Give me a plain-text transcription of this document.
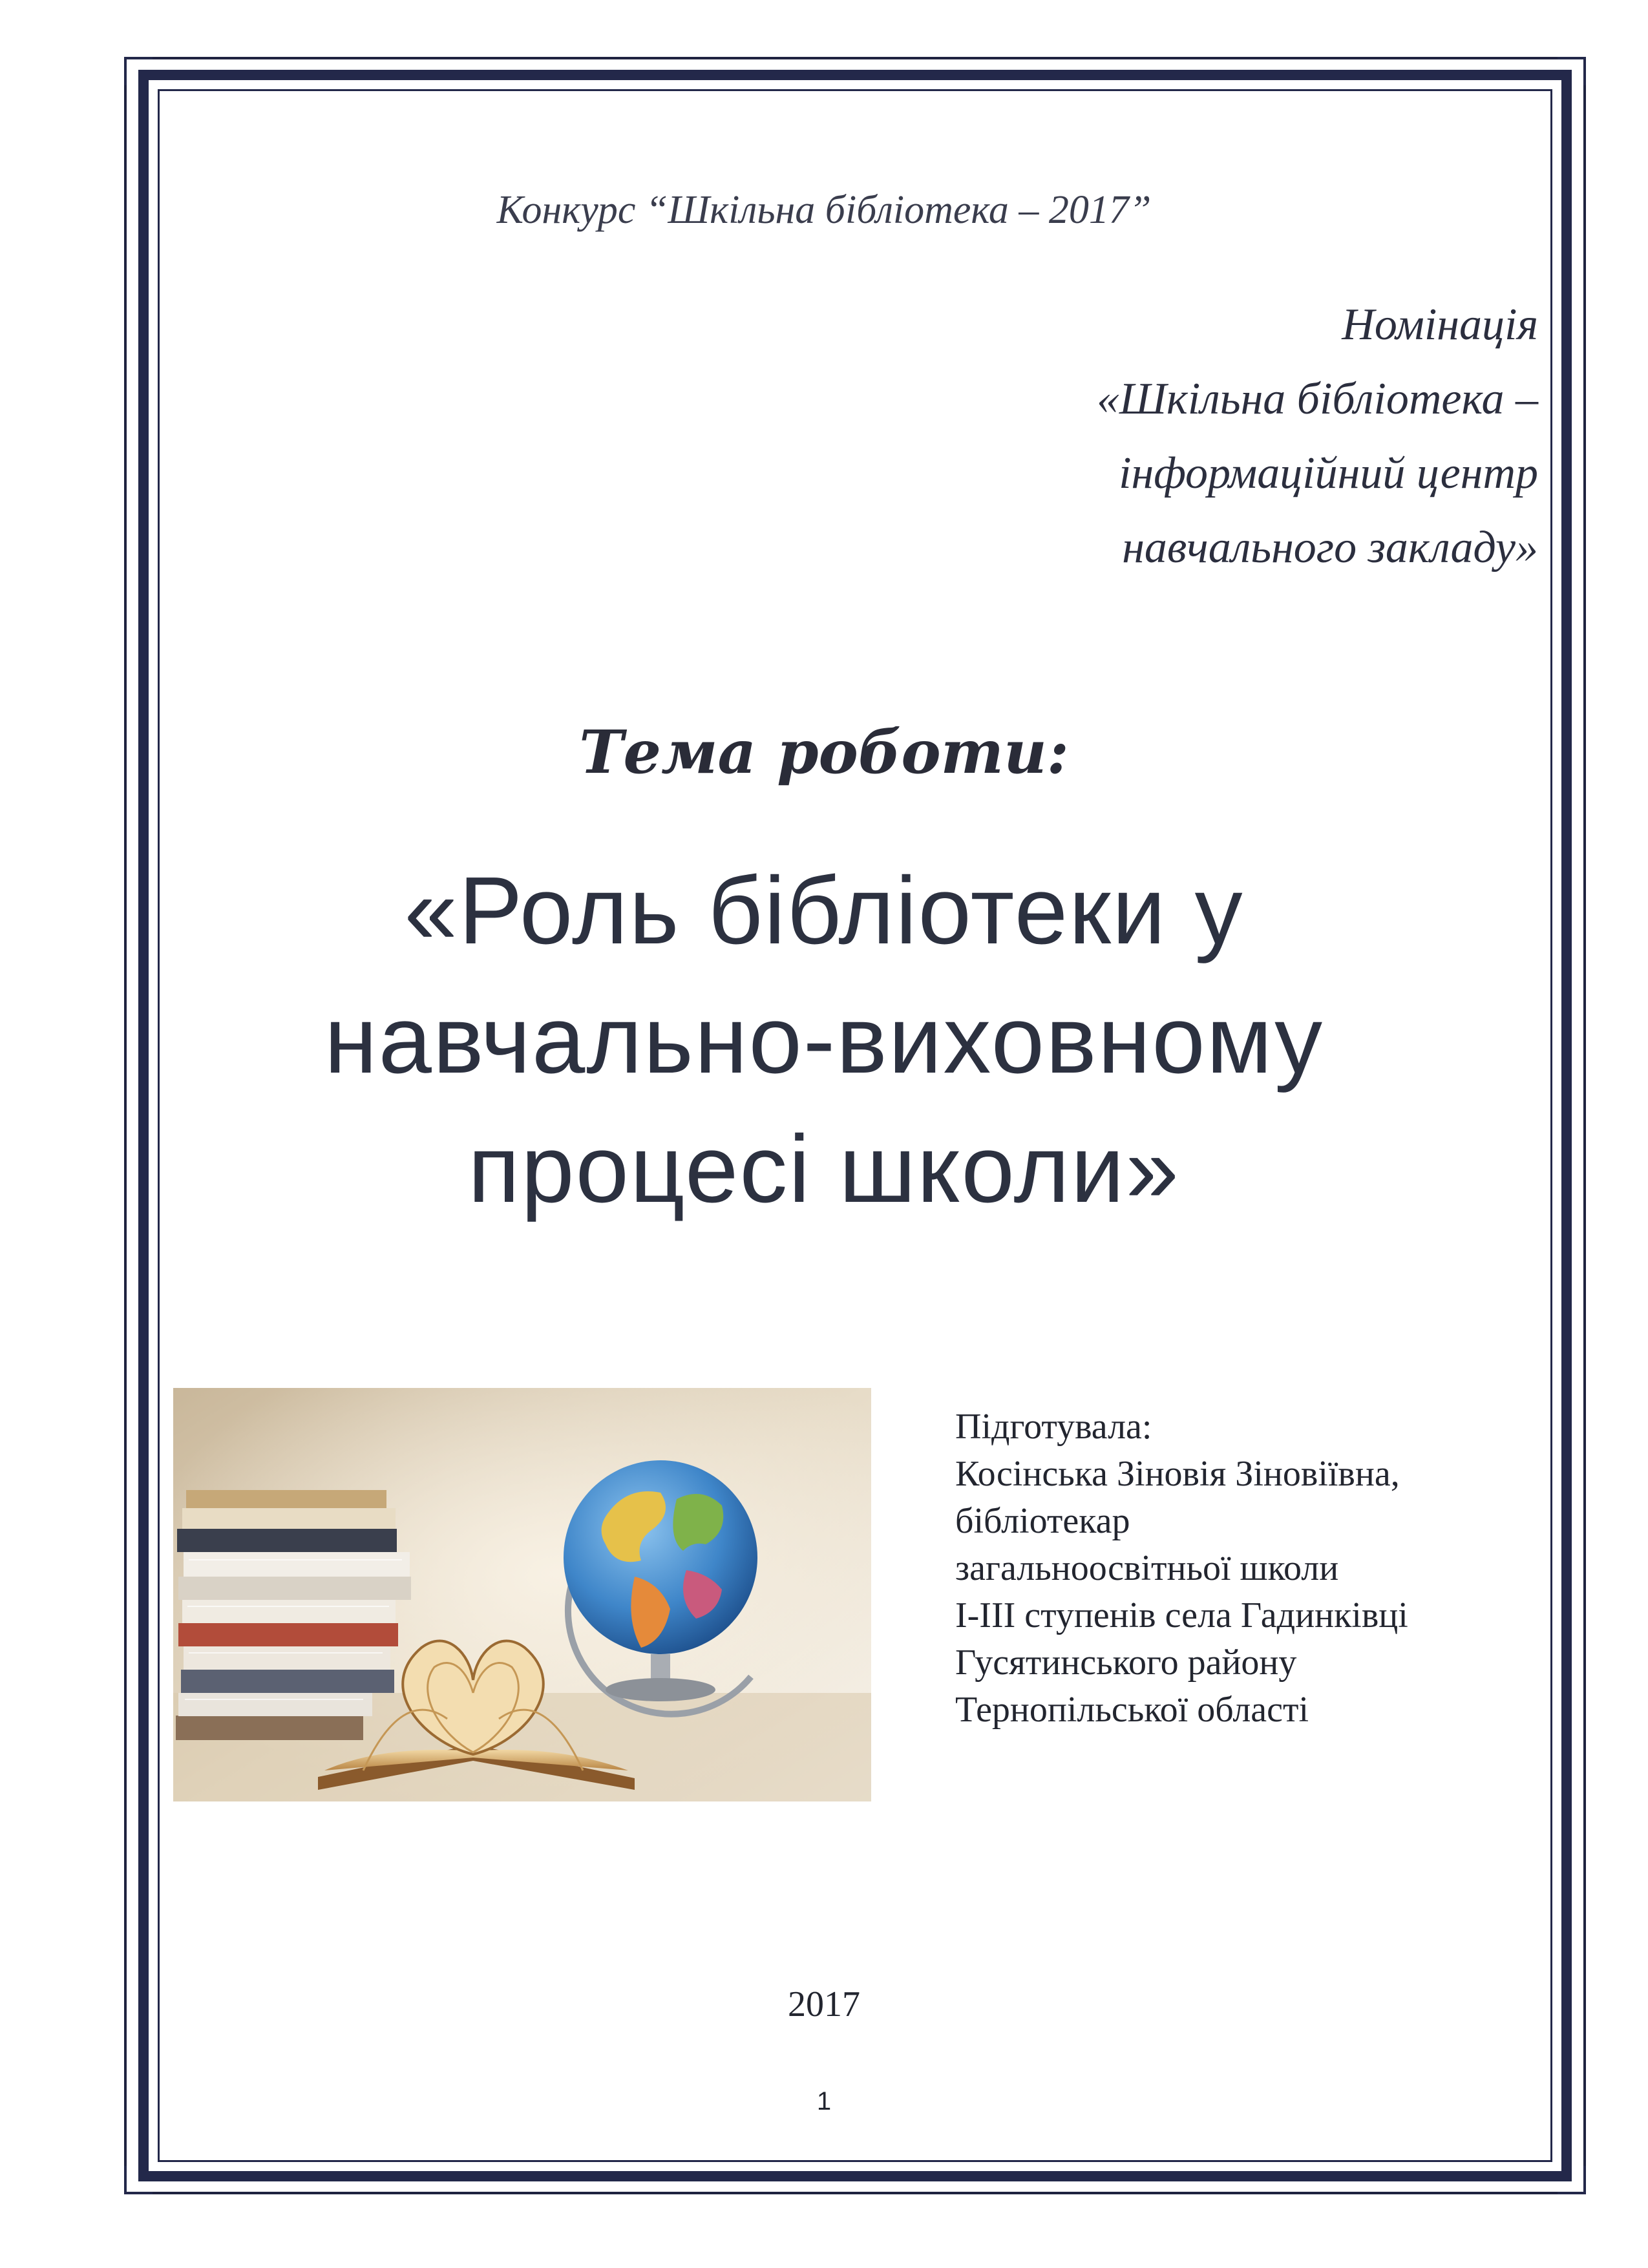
Конкурс “Шкільна бібліотека – 2017”
Номінація
«Шкільна бібліотека –
інформаційний центр
навчального закладу»
Тема роботи:
«Роль бібліотеки у
навчально-виховному
процесі школи»
Підготувала:
Косінська Зіновія Зіновіївна,
бібліотекар
загальноосвітньої школи
І-ІІІ ступенів села Гадинківці
Гусятинського району
Тернопільської області
2017
1
